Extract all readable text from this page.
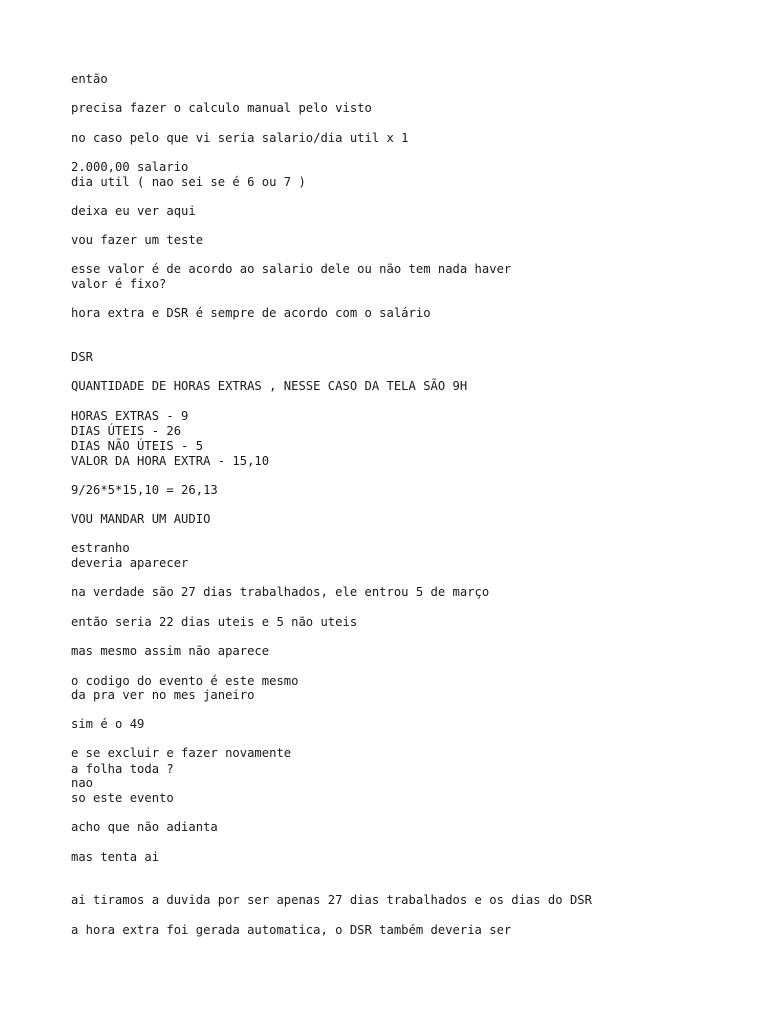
então

precisa fazer o calculo manual pelo visto

no caso pelo que vi seria salario/dia util x 1

2.000,00 salario

dia util ( nao sei se é 6 ou 7 )

deixa eu ver aqui

vou fazer um teste

esse valor é de acordo ao salario dele ou não tem nada haver

valor é fixo?

hora extra e DSR é sempre de acordo com o salário

DSR

QUANTIDADE DE HORAS EXTRAS , NESSE CASO DA TELA SÃO 9H

HORAS EXTRAS - 9

DIAS ÚTEIS - 26

DIAS NÃO ÚTEIS - 5

VALOR DA HORA EXTRA - 15,10

9/26*5*15,10 = 26,13

VOU MANDAR UM AUDIO

estranho

deveria aparecer

na verdade são 27 dias trabalhados, ele entrou 5 de março

então seria 22 dias uteis e 5 não uteis

mas mesmo assim não aparece

o codigo do evento é este mesmo

da pra ver no mes janeiro

sim é o 49

e se excluir e fazer novamente

a folha toda ?

nao

so este evento

acho que não adianta

mas tenta ai

ai tiramos a duvida por ser apenas 27 dias trabalhados e os dias do DSR

a hora extra foi gerada automatica, o DSR também deveria ser
